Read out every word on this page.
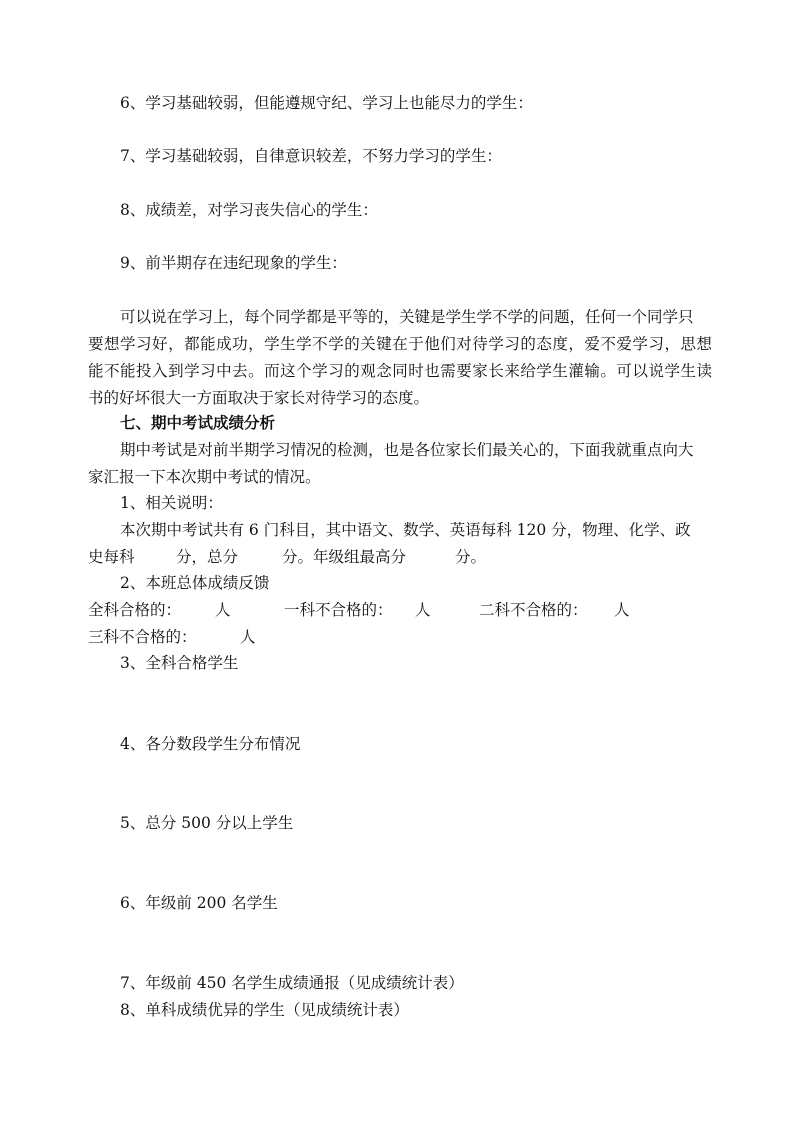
6、学习基础较弱，但能遵规守纪、学习上也能尽力的学生：
7、学习基础较弱，自律意识较差，不努力学习的学生：
8、成绩差，对学习丧失信心的学生：
9、前半期存在违纪现象的学生：
可以说在学习上，每个同学都是平等的，关键是学生学不学的问题，任何一个同学只
要想学习好，都能成功，学生学不学的关键在于他们对待学习的态度，爱不爱学习，思想
能不能投入到学习中去。而这个学习的观念同时也需要家长来给学生灌输。可以说学生读
书的好坏很大一方面取决于家长对待学习的态度。
七、期中考试成绩分析
期中考试是对前半期学习情况的检测，也是各位家长们最关心的，下面我就重点向大
家汇报一下本次期中考试的情况。
1、相关说明：
本次期中考试共有 6 门科目，其中语文、数学、英语每科 120 分，物理、化学、政
史每科	分，总分	分。年级组最高分	分。
2、本班总体成绩反馈
全科合格的： 人	一科不合格的： 人	二科不合格的： 人
三科不合格的：	人
3、全科合格学生
4、各分数段学生分布情况
5、总分 500 分以上学生
6、年级前 200 名学生
7、年级前 450 名学生成绩通报（见成绩统计表）
8、单科成绩优异的学生（见成绩统计表）
